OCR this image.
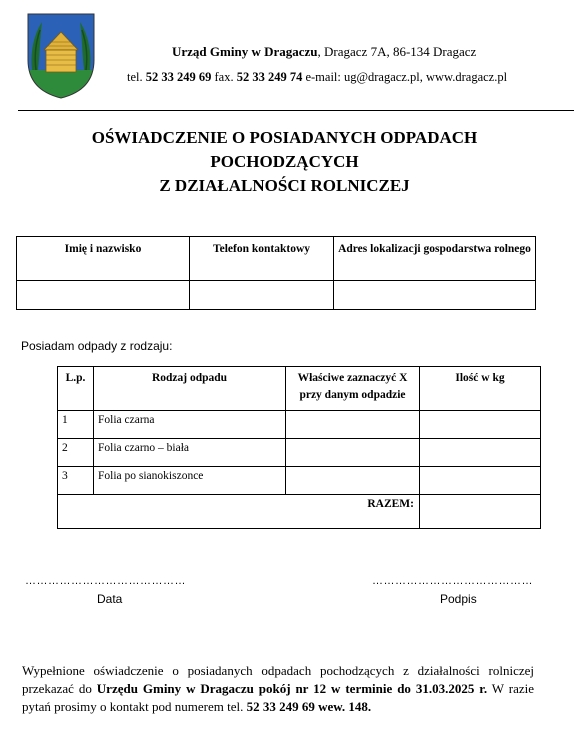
Urząd Gminy w Dragaczu, Dragacz 7A, 86-134 Dragacz
tel. 52 33 249 69 fax. 52 33 249 74 e-mail: ug@dragacz.pl, www.dragacz.pl
OŚWIADCZENIE O POSIADANYCH ODPADACH
POCHODZĄCYCH
Z DZIAŁALNOŚCI ROLNICZEJ
Imię i nazwisko	Telefon kontaktowy	Adres lokalizacji gospodarstwa rolnego

Posiadam odpady z rodzaju:
L.p.	Rodzaj odpadu	Właściwe zaznaczyć X przy danym odpadzie	Ilość w kg
1	Folia czarna		
2	Folia czarno – biała		
3	Folia po sianokiszonce		
RAZEM:			
……………………………………	……………………………………
Data	Podpis
Wypełnione oświadczenie o posiadanych odpadach pochodzących z działalności rolniczej przekazać do Urzędu Gminy w Dragaczu pokój nr 12 w terminie do 31.03.2025 r. W razie pytań prosimy o kontakt pod numerem tel. 52 33 249 69 wew. 148.
